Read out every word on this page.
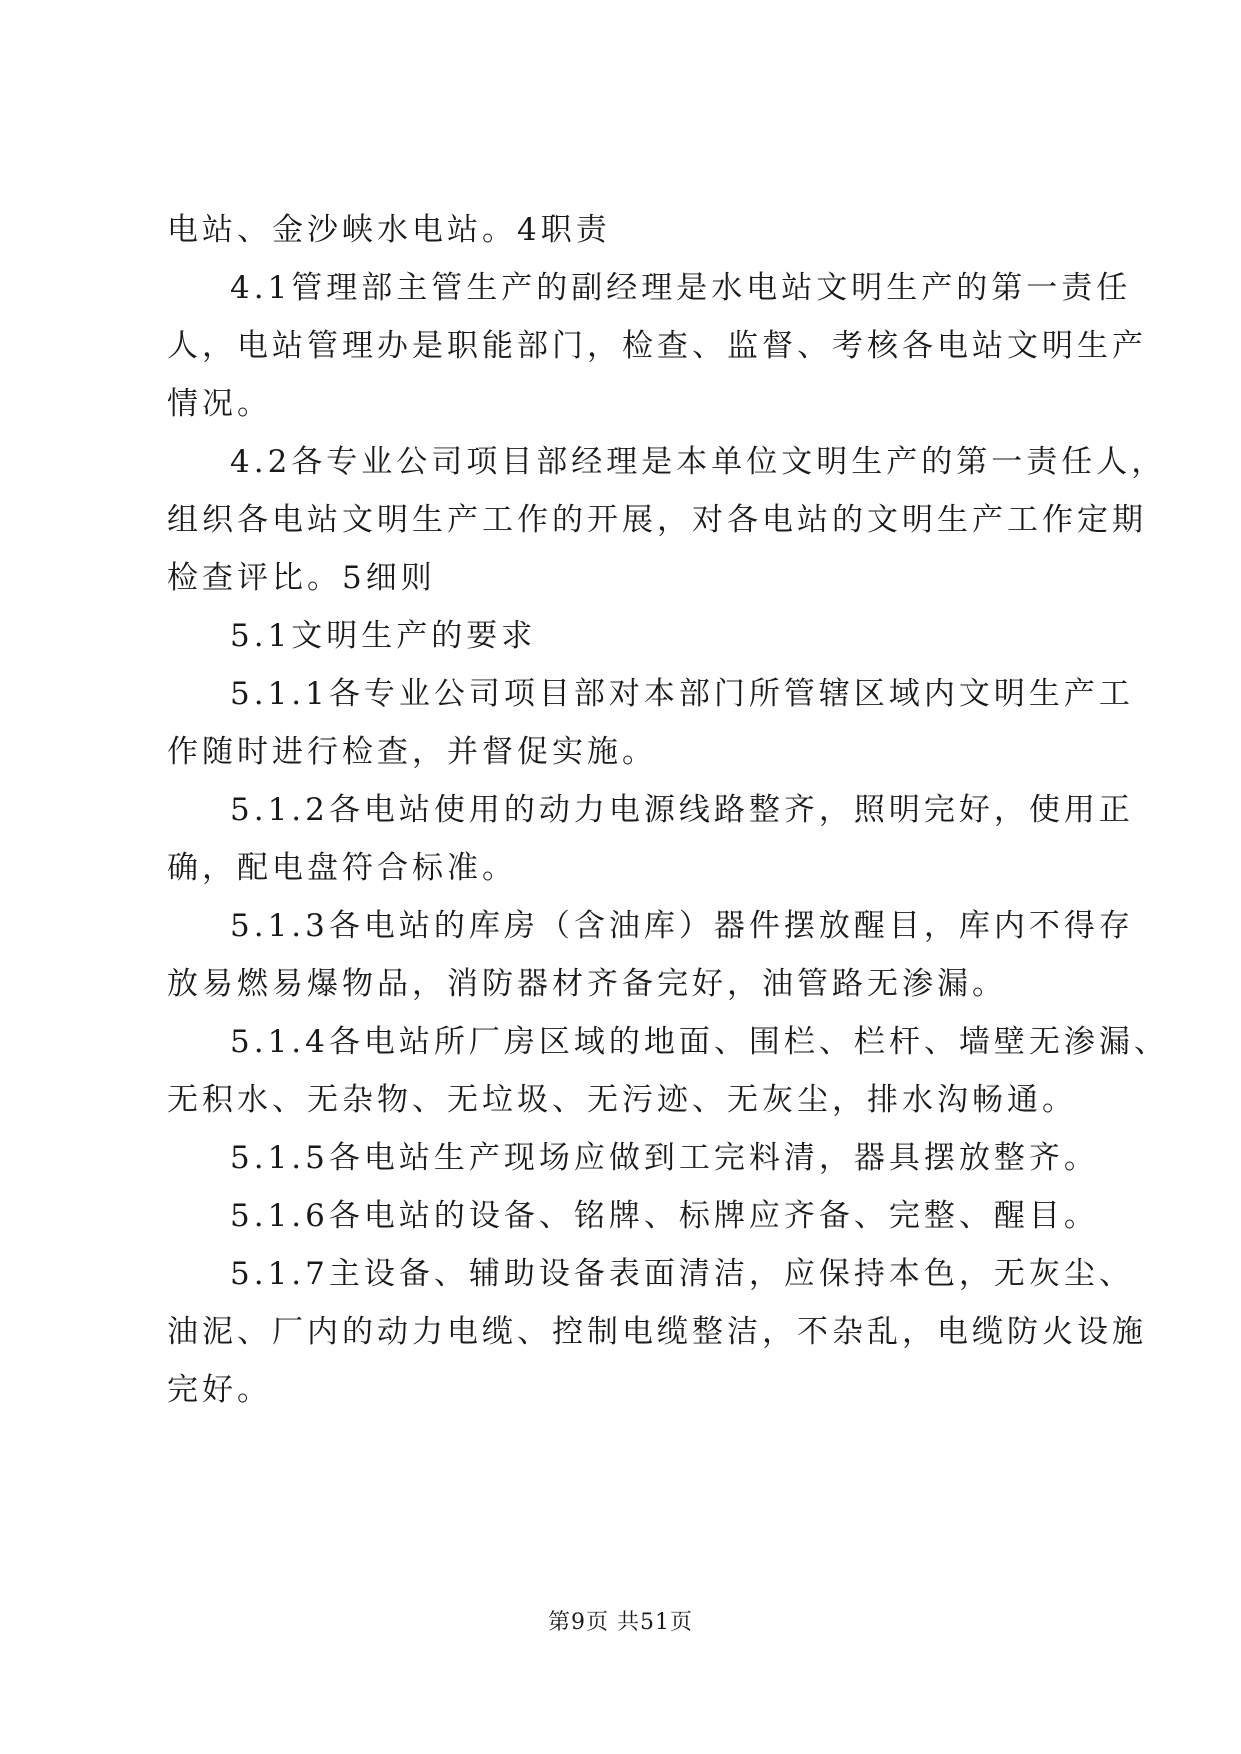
电站、金沙峡水电站。4职责
4.1管理部主管生产的副经理是水电站文明生产的第一责任
人，电站管理办是职能部门，检查、监督、考核各电站文明生产
情况。
4.2各专业公司项目部经理是本单位文明生产的第一责任人，
组织各电站文明生产工作的开展，对各电站的文明生产工作定期
检查评比。5细则
5.1文明生产的要求
5.1.1各专业公司项目部对本部门所管辖区域内文明生产工
作随时进行检查，并督促实施。
5.1.2各电站使用的动力电源线路整齐，照明完好，使用正
确，配电盘符合标准。
5.1.3各电站的库房（含油库）器件摆放醒目，库内不得存
放易燃易爆物品，消防器材齐备完好，油管路无渗漏。
5.1.4各电站所厂房区域的地面、围栏、栏杆、墙壁无渗漏、
无积水、无杂物、无垃圾、无污迹、无灰尘，排水沟畅通。
5.1.5各电站生产现场应做到工完料清，器具摆放整齐。
5.1.6各电站的设备、铭牌、标牌应齐备、完整、醒目。
5.1.7主设备、辅助设备表面清洁，应保持本色，无灰尘、
油泥、厂内的动力电缆、控制电缆整洁，不杂乱，电缆防火设施
完好。
第9页 共51页
